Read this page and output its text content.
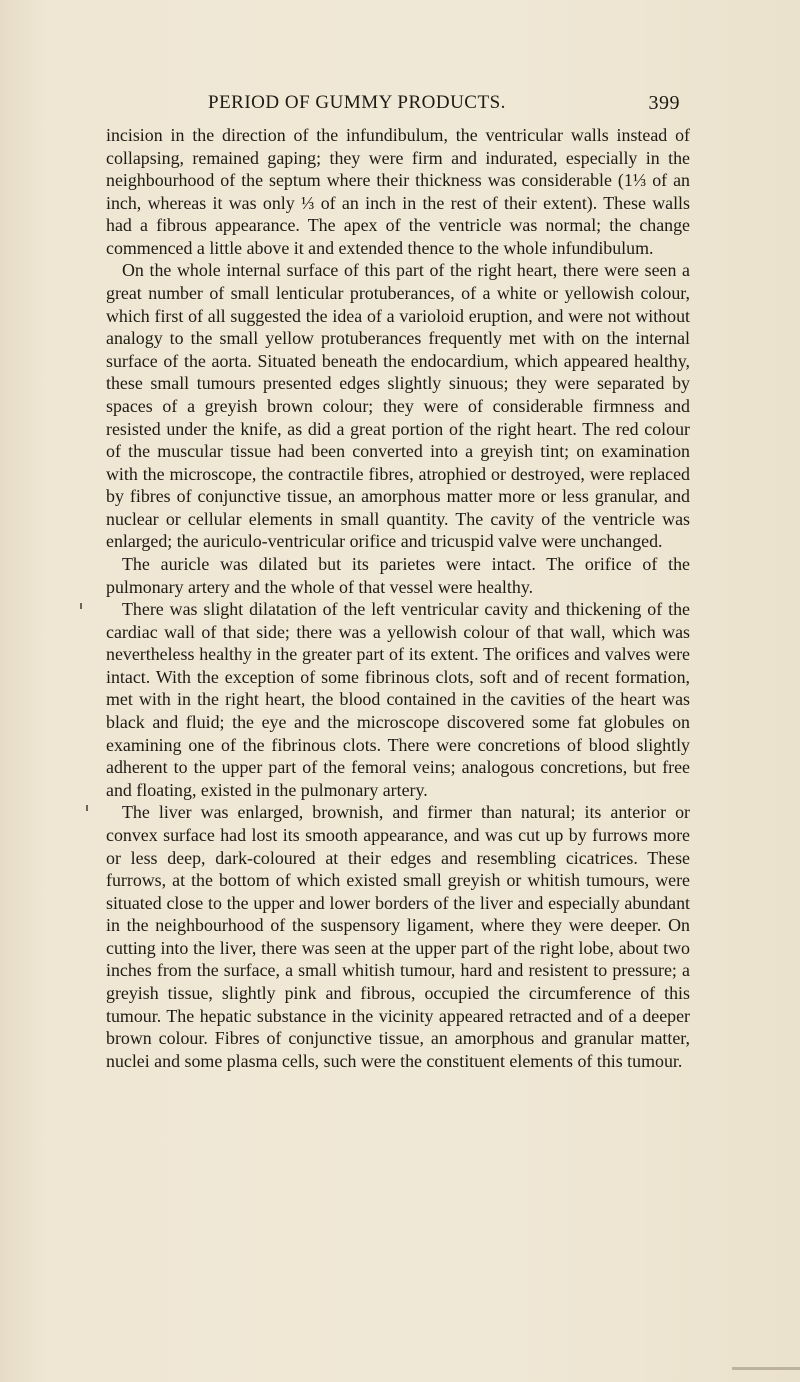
PERIOD OF GUMMY PRODUCTS.	399

incision in the direction of the infundibulum, the ventricular walls instead of collapsing, remained gaping; they were firm and indurated, especially in the neighbourhood of the septum where their thickness was considerable (1⅓ of an inch, whereas it was only ⅓ of an inch in the rest of their extent). These walls had a fibrous appearance. The apex of the ventricle was normal; the change commenced a little above it and extended thence to the whole infundibulum.

On the whole internal surface of this part of the right heart, there were seen a great number of small lenticular protuberances, of a white or yellowish colour, which first of all suggested the idea of a varioloid eruption, and were not without analogy to the small yellow protuberances frequently met with on the internal surface of the aorta. Situated beneath the endocardium, which appeared healthy, these small tumours presented edges slightly sinuous; they were separated by spaces of a greyish brown colour; they were of considerable firmness and resisted under the knife, as did a great portion of the right heart. The red colour of the muscular tissue had been converted into a greyish tint; on examination with the microscope, the contractile fibres, atrophied or destroyed, were replaced by fibres of conjunctive tissue, an amorphous matter more or less granular, and nuclear or cellular elements in small quantity. The cavity of the ventricle was enlarged; the auriculo-ventricular orifice and tricuspid valve were unchanged.

The auricle was dilated but its parietes were intact. The orifice of the pulmonary artery and the whole of that vessel were healthy.

There was slight dilatation of the left ventricular cavity and thickening of the cardiac wall of that side; there was a yellowish colour of that wall, which was nevertheless healthy in the greater part of its extent. The orifices and valves were intact. With the exception of some fibrinous clots, soft and of recent formation, met with in the right heart, the blood contained in the cavities of the heart was black and fluid; the eye and the microscope discovered some fat globules on examining one of the fibrinous clots. There were concretions of blood slightly adherent to the upper part of the femoral veins; analogous concretions, but free and floating, existed in the pulmonary artery.

The liver was enlarged, brownish, and firmer than natural; its anterior or convex surface had lost its smooth appearance, and was cut up by furrows more or less deep, dark-coloured at their edges and resembling cicatrices. These furrows, at the bottom of which existed small greyish or whitish tumours, were situated close to the upper and lower borders of the liver and especially abundant in the neighbourhood of the suspensory ligament, where they were deeper. On cutting into the liver, there was seen at the upper part of the right lobe, about two inches from the surface, a small whitish tumour, hard and resistent to pressure; a greyish tissue, slightly pink and fibrous, occupied the circumference of this tumour. The hepatic substance in the vicinity appeared retracted and of a deeper brown colour. Fibres of conjunctive tissue, an amorphous and granular matter, nuclei and some plasma cells, such were the constituent elements of this tumour.
